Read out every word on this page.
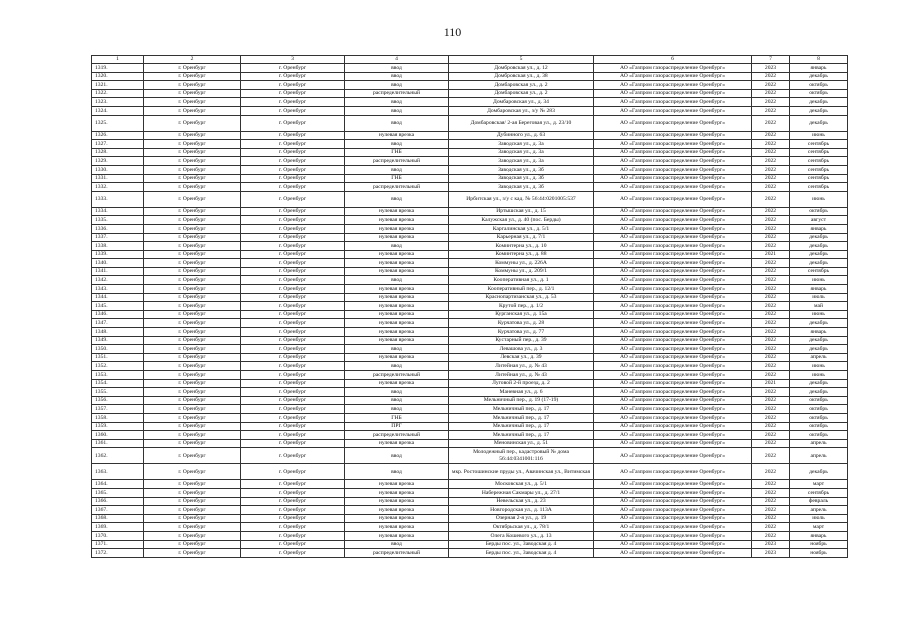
110
1	2	3	4	5	6	7	8
1319.	г. Оренбург	г. Оренбург	ввод	Домбровская ул., д. 12	АО «Газпром газораспределение Оренбург»	2023	январь
1320.	г. Оренбург	г. Оренбург	ввод	Домбровская ул., д. 38	АО «Газпром газораспределение Оренбург»	2022	декабрь
1321.	г. Оренбург	г. Оренбург	ввод	Домбаровская ул., д. 2	АО «Газпром газораспределение Оренбург»	2022	октябрь
1322.	г. Оренбург	г. Оренбург	распределительный	Домбаровская ул., д. 2	АО «Газпром газораспределение Оренбург»	2022	октябрь
1323.	г. Оренбург	г. Оренбург	ввод	Домбаровская ул., д. 34	АО «Газпром газораспределение Оренбург»	2022	декабрь
1324.	г. Оренбург	г. Оренбург	ввод	Домбаровская ул., з/у № 283	АО «Газпром газораспределение Оренбург»	2022	декабрь
1325.	г. Оренбург	г. Оренбург	ввод	Домбаровская/ 2-ая Береговая ул., д. 23/10	АО «Газпром газораспределение Оренбург»	2022	декабрь
1326.	г. Оренбург	г. Оренбург	нулевая врезка	Дубинного ул., д. 63	АО «Газпром газораспределение Оренбург»	2022	июнь
1327.	г. Оренбург	г. Оренбург	ввод	Заводская ул., д. 3а	АО «Газпром газораспределение Оренбург»	2022	сентябрь
1328.	г. Оренбург	г. Оренбург	ГНБ	Заводская ул., д. 3а	АО «Газпром газораспределение Оренбург»	2022	сентябрь
1329.	г. Оренбург	г. Оренбург	распределительный	Заводская ул., д. 3а	АО «Газпром газораспределение Оренбург»	2022	сентябрь
1330.	г. Оренбург	г. Оренбург	ввод	Заводская ул., д. 3б	АО «Газпром газораспределение Оренбург»	2022	сентябрь
1331.	г. Оренбург	г. Оренбург	ГНБ	Заводская ул., д. 3б	АО «Газпром газораспределение Оренбург»	2022	сентябрь
1332.	г. Оренбург	г. Оренбург	распределительный	Заводская ул., д. 3б	АО «Газпром газораспределение Оренбург»	2022	сентябрь
1333.	г. Оренбург	г. Оренбург	ввод	Ирбитская ул., з/у с кад. № 56:44:0201005:537	АО «Газпром газораспределение Оренбург»	2022	июнь
1334.	г. Оренбург	г. Оренбург	нулевая врезка	Иртышская ул., д. 15	АО «Газпром газораспределение Оренбург»	2022	октябрь
1335.	г. Оренбург	г. Оренбург	нулевая врезка	Калужская ул., д. 40 (пос. Берды)	АО «Газпром газораспределение Оренбург»	2022	август
1336.	г. Оренбург	г. Оренбург	нулевая врезка	Каргалинская ул., д. 5/1	АО «Газпром газораспределение Оренбург»	2022	январь
1337.	г. Оренбург	г. Оренбург	нулевая врезка	Карьерная ул., д. 7/1	АО «Газпром газораспределение Оренбург»	2022	декабрь
1338.	г. Оренбург	г. Оренбург	ввод	Коминтерна ул., д. 10	АО «Газпром газораспределение Оренбург»	2022	декабрь
1339.	г. Оренбург	г. Оренбург	нулевая врезка	Коминтерна ул., д. 88	АО «Газпром газораспределение Оренбург»	2021	декабрь
1340.	г. Оренбург	г. Оренбург	нулевая врезка	Коммуны ул., д. 226А	АО «Газпром газораспределение Оренбург»	2022	декабрь
1341.	г. Оренбург	г. Оренбург	нулевая врезка	Коммуны ул., д. 209/1	АО «Газпром газораспределение Оренбург»	2022	сентябрь
1342.	г. Оренбург	г. Оренбург	ввод	Кооперативная ул., д. 1	АО «Газпром газораспределение Оренбург»	2022	июнь
1343.	г. Оренбург	г. Оренбург	нулевая врезка	Кооперативный пер., д. 12/1	АО «Газпром газораспределение Оренбург»	2022	январь
1344.	г. Оренбург	г. Оренбург	нулевая врезка	Краснопартизанская ул., д. 53	АО «Газпром газораспределение Оренбург»	2022	июль
1345.	г. Оренбург	г. Оренбург	нулевая врезка	Крутой пер., д. 1/2	АО «Газпром газораспределение Оренбург»	2022	май
1346.	г. Оренбург	г. Оренбург	нулевая врезка	Курганская ул., д. 15а	АО «Газпром газораспределение Оренбург»	2022	июнь
1347.	г. Оренбург	г. Оренбург	нулевая врезка	Курчатова ул., д. 28	АО «Газпром газораспределение Оренбург»	2022	декабрь
1348.	г. Оренбург	г. Оренбург	нулевая врезка	Курчатова ул., д. 77	АО «Газпром газораспределение Оренбург»	2022	январь
1349.	г. Оренбург	г. Оренбург	нулевая врезка	Кустарный пер., д. 39	АО «Газпром газораспределение Оренбург»	2022	декабрь
1350.	г. Оренбург	г. Оренбург	ввод	Левашова ул., д. 3	АО «Газпром газораспределение Оренбург»	2022	декабрь
1351.	г. Оренбург	г. Оренбург	нулевая врезка	Левская ул., д. 39	АО «Газпром газораспределение Оренбург»	2022	апрель
1352.	г. Оренбург	г. Оренбург	ввод	Литейная ул., д. № 43	АО «Газпром газораспределение Оренбург»	2022	июнь
1353.	г. Оренбург	г. Оренбург	распределительный	Литейная ул., д. № 43	АО «Газпром газораспределение Оренбург»	2022	июнь
1354.	г. Оренбург	г. Оренбург	нулевая врезка	Луговой 2-й проезд, д. 2	АО «Газпром газораспределение Оренбург»	2021	декабрь
1355.	г. Оренбург	г. Оренбург	ввод	Маневная ул., д. 6	АО «Газпром газораспределение Оренбург»	2022	декабрь
1356.	г. Оренбург	г. Оренбург	ввод	Мельничный пер., д. 19 (17-19)	АО «Газпром газораспределение Оренбург»	2022	октябрь
1357.	г. Оренбург	г. Оренбург	ввод	Мельничный пер., д. 17	АО «Газпром газораспределение Оренбург»	2022	октябрь
1358.	г. Оренбург	г. Оренбург	ГНБ	Мельничный пер., д. 17	АО «Газпром газораспределение Оренбург»	2022	октябрь
1359.	г. Оренбург	г. Оренбург	ПРГ	Мельничный пер., д. 17	АО «Газпром газораспределение Оренбург»	2022	октябрь
1360.	г. Оренбург	г. Оренбург	распределительный	Мельничный пер., д. 17	АО «Газпром газораспределение Оренбург»	2022	октябрь
1361.	г. Оренбург	г. Оренбург	нулевая врезка	Меновинская ул., д. 51	АО «Газпром газораспределение Оренбург»	2022	апрель
1362.	г. Оренбург	г. Оренбург	ввод	Молодежный пер., кадастровый № дома 56:44:0341001:116	АО «Газпром газораспределение Оренбург»	2022	апрель
1363.	г. Оренбург	г. Оренбург	ввод	мкр. Ростошинские пруды ул., Авачинская ул., Витимская	АО «Газпром газораспределение Оренбург»	2022	декабрь
1364.	г. Оренбург	г. Оренбург	нулевая врезка	Московская ул., д. 5/1	АО «Газпром газораспределение Оренбург»	2022	март
1365.	г. Оренбург	г. Оренбург	нулевая врезка	Набережная Сакмары ул., д. 27/1	АО «Газпром газораспределение Оренбург»	2022	сентябрь
1366.	г. Оренбург	г. Оренбург	нулевая врезка	Невельская ул., д. 23	АО «Газпром газораспределение Оренбург»	2022	февраль
1367.	г. Оренбург	г. Оренбург	нулевая врезка	Новгородская ул., д. 113А	АО «Газпром газораспределение Оренбург»	2022	апрель
1368.	г. Оренбург	г. Оренбург	нулевая врезка	Озерная 2-я ул., д. 19	АО «Газпром газораспределение Оренбург»	2022	июль
1369.	г. Оренбург	г. Оренбург	нулевая врезка	Октябрьская ул., д. 78/1	АО «Газпром газораспределение Оренбург»	2022	март
1370.	г. Оренбург	г. Оренбург	нулевая врезка	Олега Кошевого ул., д. 13	АО «Газпром газораспределение Оренбург»	2022	январь
1371.	г. Оренбург	г. Оренбург	ввод	Берды пос. ул., Заводская д. 4	АО «Газпром газораспределение Оренбург»	2023	ноябрь
1372.	г. Оренбург	г. Оренбург	распределительный	Берды пос. ул., Заводская д. 4	АО «Газпром газораспределение Оренбург»	2023	ноябрь
